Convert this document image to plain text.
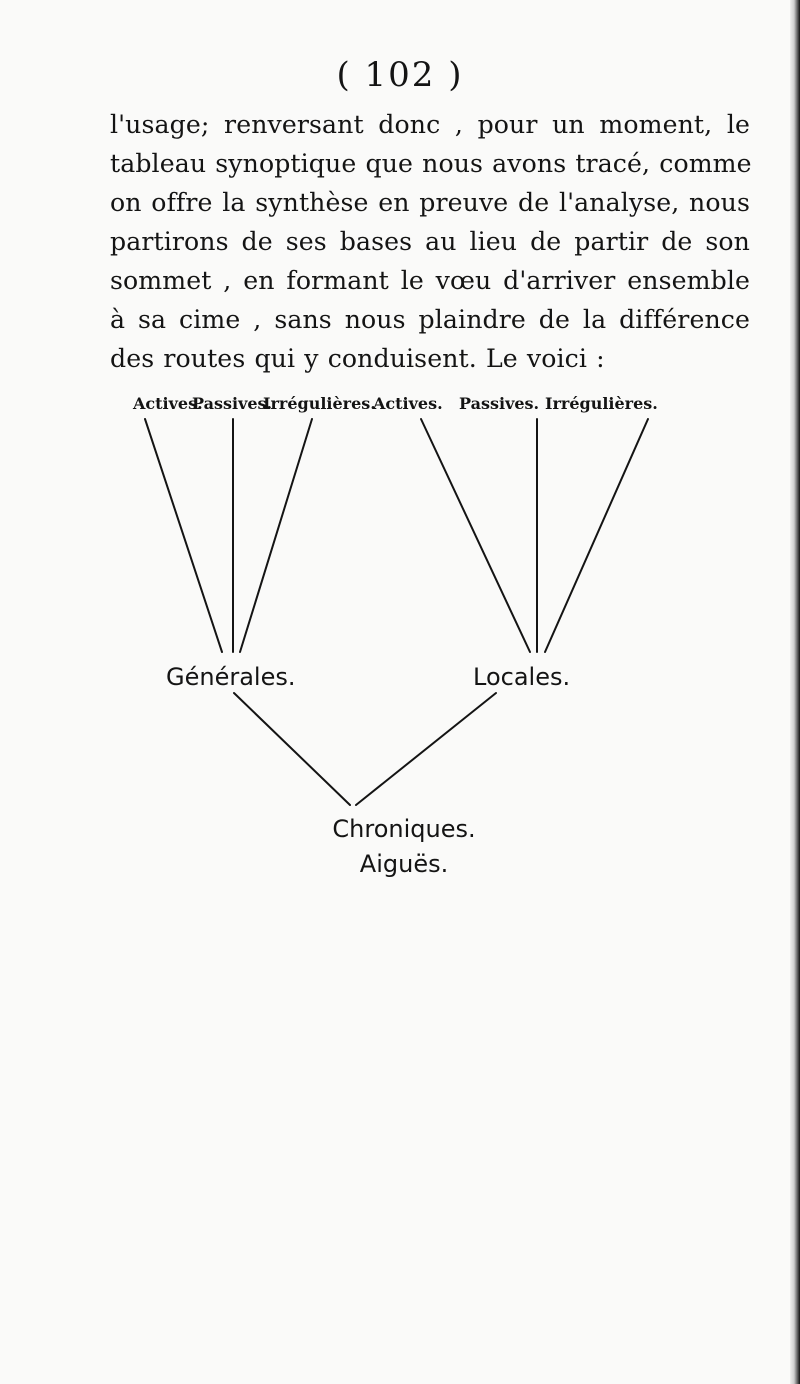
( 102 )

l'usage; renversant donc , pour un moment, le
tableau synoptique que nous avons tracé, comme
on offre la synthèse en preuve de l'analyse, nous
partirons de ses bases au lieu de partir de son
sommet , en formant le vœu d'arriver ensemble
à sa cime , sans nous plaindre de la différence
des routes qui y conduisent. Le voici :

Actives.
Passives.
Irrégulières.
Actives. Passives. Irrégulières.
Générales.	Locales.
Chroniques.
Aiguës.
